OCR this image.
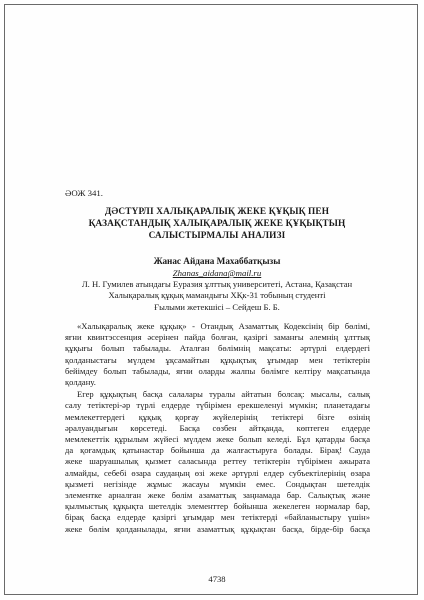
ӘОЖ 341.
ДӘСТҮРЛІ ХАЛЫҚАРАЛЫҚ ЖЕКЕ ҚҰҚЫҚ ПЕН
ҚАЗАҚСТАНДЫҚ ХАЛЫҚАРАЛЫҚ ЖЕКЕ ҚҰҚЫҚТЫҢ
САЛЫСТЫРМАЛЫ АНАЛИЗІ
Жанас Айдана Махаббатқызы
Zhanas_aidana@mail.ru
Л. Н. Гумилев атындағы Еуразия ұлттық университеті, Астана, Қазақстан
Халықаралық құқық мамандығы ХҚк-31 тобының студенті
Ғылыми жетекшісі – Сейдеш Б. Б.
«Халықаралық жеке құқық» - Отандық Азаматтық Кодексінің бір бөлімі,
яғни квинтэссенция әсерінен пайда болған, қазіргі заманғы әлемнің ұлттық
құқығы болып табылады. Аталған бөлімнің мақсаты: әртүрлі елдердегі
қолданыстағы мүлдем ұқсамайтын құқықтық ұғымдар мен тетіктерін
бейімдеу болып табылады, яғни оларды жалпы бөлімге келтіру мақсатында
қолдану.
Егер құқықтың басқа салалары туралы айтатын болсақ: мысалы, салық
салу тетіктері-әр түрлі елдерде түбірімен ерекшеленуі мүмкін; планетадағы
мемлекеттердегі құқық қорғау жүйелерінің тетіктері бізге өзінің
әралуандығын көрсетеді. Басқа сөзбен айтқанда, көптеген елдерде
мемлекеттік құрылым жүйесі мүлдем жеке болып келеді. Бұл қатарды басқа
да қоғамдық қатынастар бойынша да жалғастыруға болады. Бірақ! Сауда
жеке шаруашылық қызмет саласында реттеу тетіктерін түбірімен ажырата
алмайды, себебі өзара саудаңың өзі жеке әртүрлі елдер субъектілерінің өзара
қызметі негізінде жұмыс жасауы мүмкін емес. Сондықтан шетелдік
элементке арналған жеке бөлім азаматтық заңнамада бар. Салықтық және
қылмыстық құқықта шетелдік элементтер бойынша жекелеген нормалар бар,
бірақ басқа елдерде қазіргі ұғымдар мен тетіктерді «байланыстыру үшін»
жеке бөлім қолданылады, яғни азаматтық құқықтан басқа, бірде-бір басқа
4738
